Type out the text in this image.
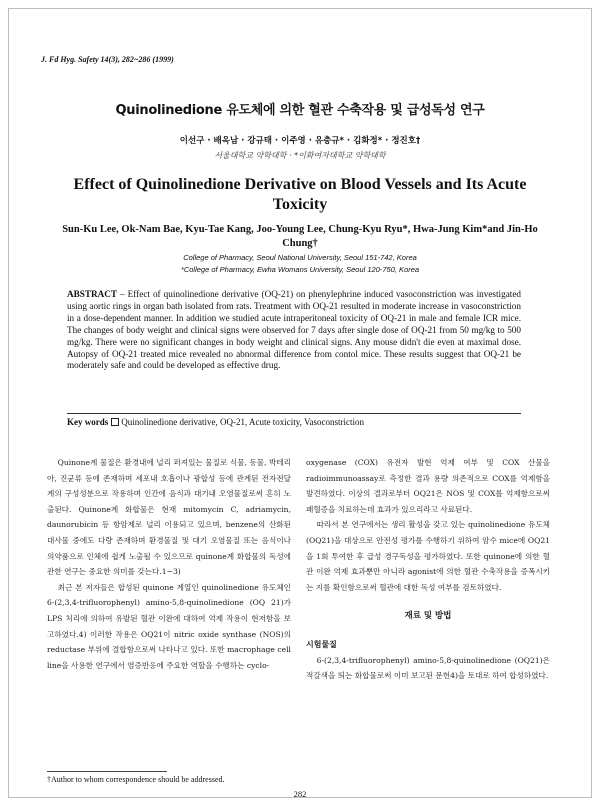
J. Fd Hyg. Safety 14(3), 282~286 (1999)
Quinolinedione 유도체에 의한 혈관 수축작용 및 급성독성 연구
이선구 · 배옥남 · 강규태 · 이주영 · 유충규* · 김화정* · 정진호†
서울대학교 약학대학 · *이화여자대학교 약학대학
Effect of Quinolinedione Derivative on Blood Vessels and Its Acute Toxicity
Sun-Ku Lee, Ok-Nam Bae, Kyu-Tae Kang, Joo-Young Lee, Chung-Kyu Ryu*, Hwa-Jung Kim*and Jin-Ho Chung†
College of Pharmacy, Seoul National University, Seoul 151-742, Korea
*College of Pharmacy, Ewha Womans University, Seoul 120-750, Korea
ABSTRACT – Effect of quinolinedione derivative (OQ-21) on phenylephrine induced vasoconstriction was investigated using aortic rings in organ bath isolated from rats. Treatment with OQ-21 resulted in moderate increase in vasoconstriction in a dose-dependent manner. In addition we studied acute intraperitoneal toxicity of OQ-21 in male and female ICR mice. The changes of body weight and clinical signs were observed for 7 days after single dose of OQ-21 from 50 mg/kg to 500 mg/kg. There were no significant changes in body weight and clinical signs. Any mouse didn't die even at maximal dose. Autopsy of OQ-21 treated mice revealed no abnormal difference from contol mice. These results suggest that OQ-21 be moderately safe and could be developed as effective drug.
Key words Quinolinedione derivative, OQ-21, Acute toxicity, Vasoconstriction

Quinone계 물질은 환경내에 널리 퍼져있는 물질로 식물, 동물, 박테리아, 진균류 등에 존재하며 세포내 호흡이나 광합성 등에 관계된 전자전달계의 구성성분으로 작용하며 인간에 음식과 대기내 오염물질로써 흔히 노출된다. Quinone계 화합물은 현재 mitomycin C, adriamycin, daunorubicin 등 항암제로 널리 이용되고 있으며, benzene의 산화된 대사물 중에도 다량 존재하며 환경물질 및 대기 오염물질 또는 음식이나 의약품으로 인체에 쉽게 노출될 수 있으므로 quinone계 화합물의 독성에 관한 연구는 중요한 의미를 갖는다.1~3)

최근 본 저자들은 합성된 quinone 계열인 quinolinedione 유도체인6-(2,3,4-trifluorophenyl) amino-5,8-quinolinedione (OQ 21)가 LPS 처리에 의하여 유발된 혈관 이완에 대하여 억제 작용이 현저함을 보고하였다.4) 이러한 작용은 OQ21이 nitric oxide synthase (NOS)의 reductase 부위에 결합함으로써 나타나고 있다. 또한 macrophage cell line을 사용한 연구에서 염증반응에 주요한 역할을 수행하는 cyclo-

oxygenase (COX) 유전자 발현 억제 여부 및 COX 산물을 radioimmunoassay로 측정한 결과 용량 의존적으로 COX를 억제함을 발견하였다. 이상의 결과로부터 OQ21은 NOS 및 COX를 억제함으로써 패혈증을 치료하는데 효과가 있으리라고 사료된다.

따라서 본 연구에서는 생리 활성을 갖고 있는 quinolinedione 유도체 (OQ21)을 대상으로 안전성 평가를 수행하기 위하여 암수 mice에 OQ21을 1회 투여한 후 급성 경구독성을 평가하였다. 또한 quinone에 의한 혈관 이완 억제 효과뿐만 아니라 agonist에 의한 혈관 수축작용을 증폭시키는 지를 확인함으로써 혈관에 대한 독성 여부를 검토하였다.

재료 및 방법
시험물질

6-(2,3,4-trifluorophenyl) amino-5,8-quinolinedione (OQ21)은 적갈색을 띄는 화합물로써 이미 보고된 문헌4)을 토대로 하여 합성하였다.

†Author to whom correspondence should be addressed.
282
